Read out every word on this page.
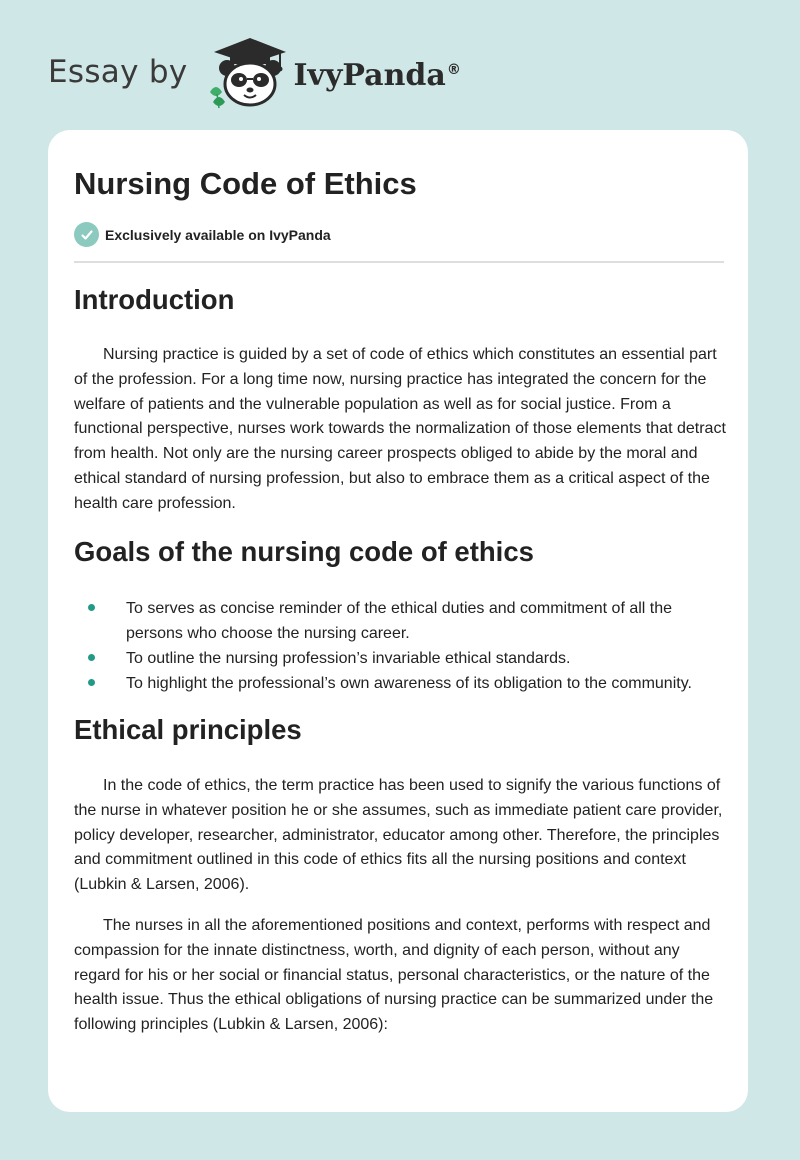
Essay by	IvyPanda®
Nursing Code of Ethics
Exclusively available on IvyPanda
Introduction

Nursing practice is guided by a set of code of ethics which constitutes an essential part of the profession. For a long time now, nursing practice has integrated the concern for the welfare of patients and the vulnerable population as well as for social justice. From a functional perspective, nurses work towards the normalization of those elements that detract from health. Not only are the nursing career prospects obliged to abide by the moral and ethical standard of nursing profession, but also to embrace them as a critical aspect of the health care profession.

Goals of the nursing code of ethics
To serves as concise reminder of the ethical duties and commitment of all the persons who choose the nursing career.
To outline the nursing profession’s invariable ethical standards.
To highlight the professional’s own awareness of its obligation to the community.
Ethical principles

In the code of ethics, the term practice has been used to signify the various functions of the nurse in whatever position he or she assumes, such as immediate patient care provider, policy developer, researcher, administrator, educator among other. Therefore, the principles and commitment outlined in this code of ethics fits all the nursing positions and context (Lubkin & Larsen, 2006).

The nurses in all the aforementioned positions and context, performs with respect and compassion for the innate distinctness, worth, and dignity of each person, without any regard for his or her social or financial status, personal characteristics, or the nature of the health issue. Thus the ethical obligations of nursing practice can be summarized under the following principles (Lubkin & Larsen, 2006):
